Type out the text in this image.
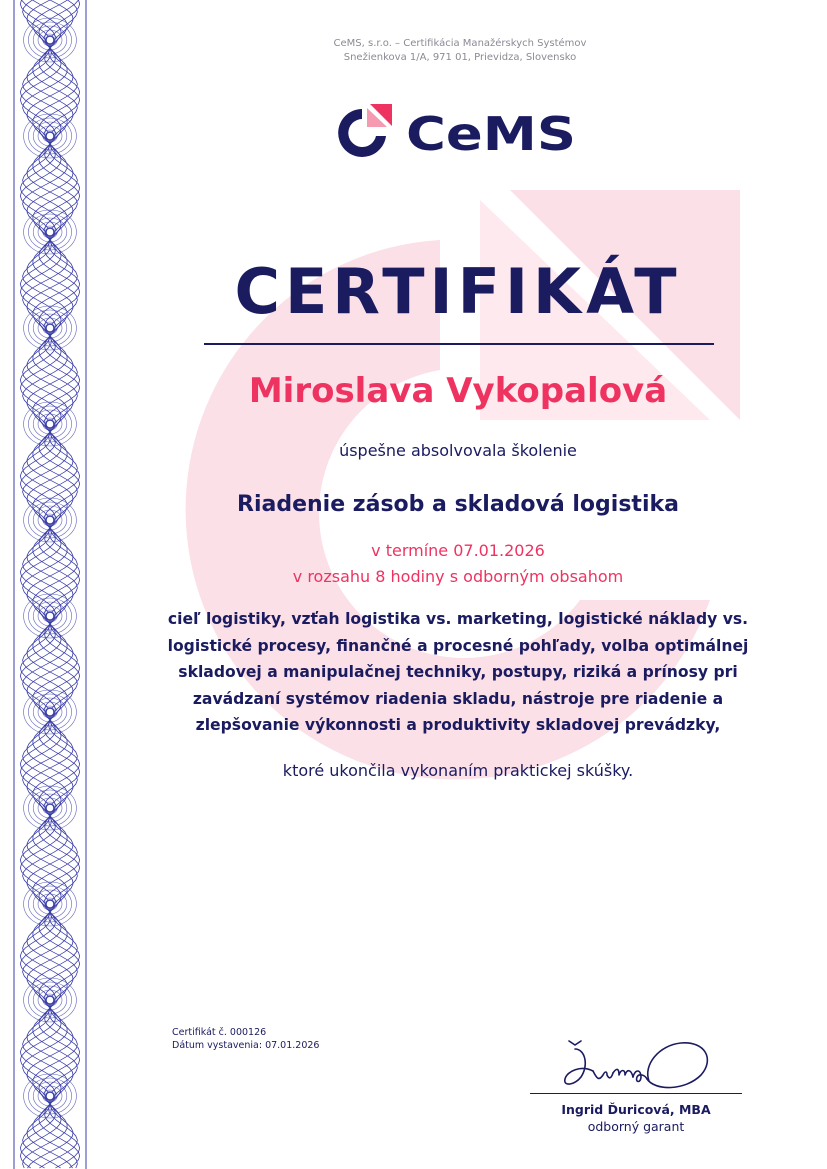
CeMS, s.r.o. – Certifikácia Manažérskych Systémov
Snežienkova 1/A, 971 01, Prievidza, Slovensko
CeMS
CERTIFIKÁT
Miroslava Vykopalová
úspešne absolvovala školenie
Riadenie zásob a skladová logistika
v termíne 07.01.2026
v rozsahu 8 hodiny s odborným obsahom
cieľ logistiky, vzťah logistika vs. marketing, logistické náklady vs.
logistické procesy, finančné a procesné pohľady, volba optimálnej
skladovej a manipulačnej techniky, postupy, riziká a prínosy pri
zavádzaní systémov riadenia skladu, nástroje pre riadenie a
zlepšovanie výkonnosti a produktivity skladovej prevádzky,
ktoré ukončila vykonaním praktickej skúšky.
Certifikát č. 000126
Dátum vystavenia: 07.01.2026
Ingrid Ďuricová, MBA
odborný garant
